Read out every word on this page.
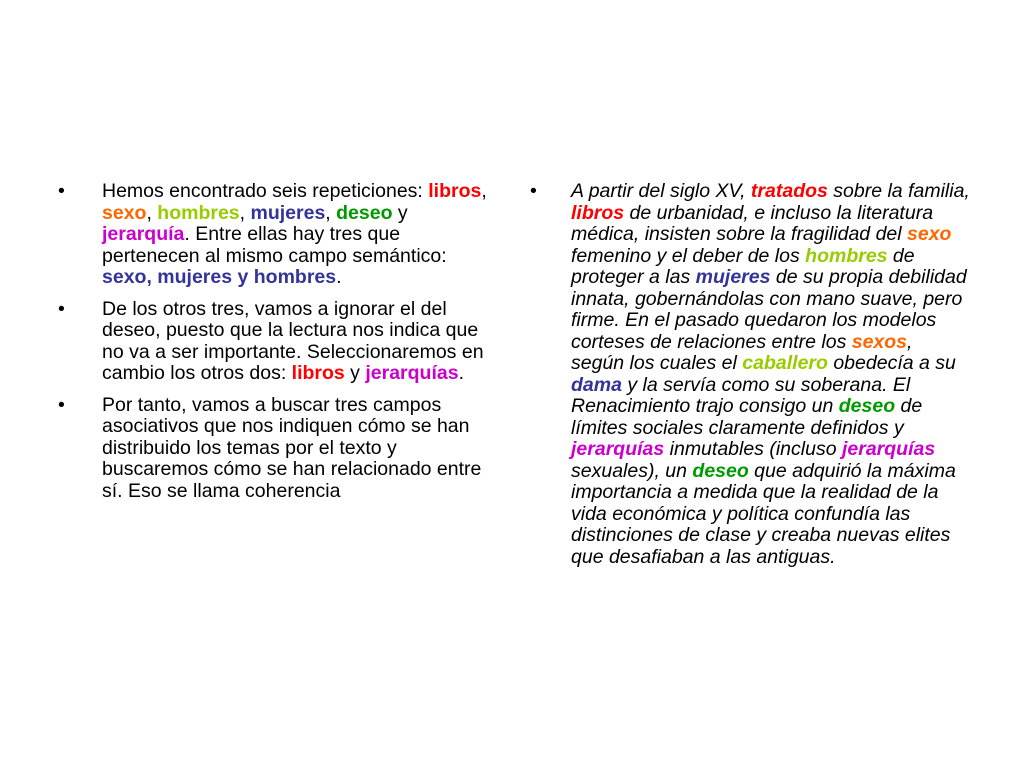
• Hemos encontrado seis repeticiones: libros, sexo, hombres, mujeres, deseo y jerarquía. Entre ellas hay tres que pertenecen al mismo campo semántico: sexo, mujeres y hombres.
• De los otros tres, vamos a ignorar el del deseo, puesto que la lectura nos indica que no va a ser importante. Seleccionaremos en cambio los otros dos: libros y jerarquías.
• Por tanto, vamos a buscar tres campos asociativos que nos indiquen cómo se han distribuido los temas por el texto y buscaremos cómo se han relacionado entre sí. Eso se llama coherencia
• A partir del siglo XV, tratados sobre la familia, libros de urbanidad, e incluso la literatura médica, insisten sobre la fragilidad del sexo femenino y el deber de los hombres de proteger a las mujeres de su propia debilidad innata, gobernándolas con mano suave, pero firme. En el pasado quedaron los modelos corteses de relaciones entre los sexos, según los cuales el caballero obedecía a su dama y la servía como su soberana. El Renacimiento trajo consigo un deseo de límites sociales claramente definidos y jerarquías inmutables (incluso jerarquías sexuales), un deseo que adquirió la máxima importancia a medida que la realidad de la vida económica y política confundía las distinciones de clase y creaba nuevas elites que desafiaban a las antiguas.
